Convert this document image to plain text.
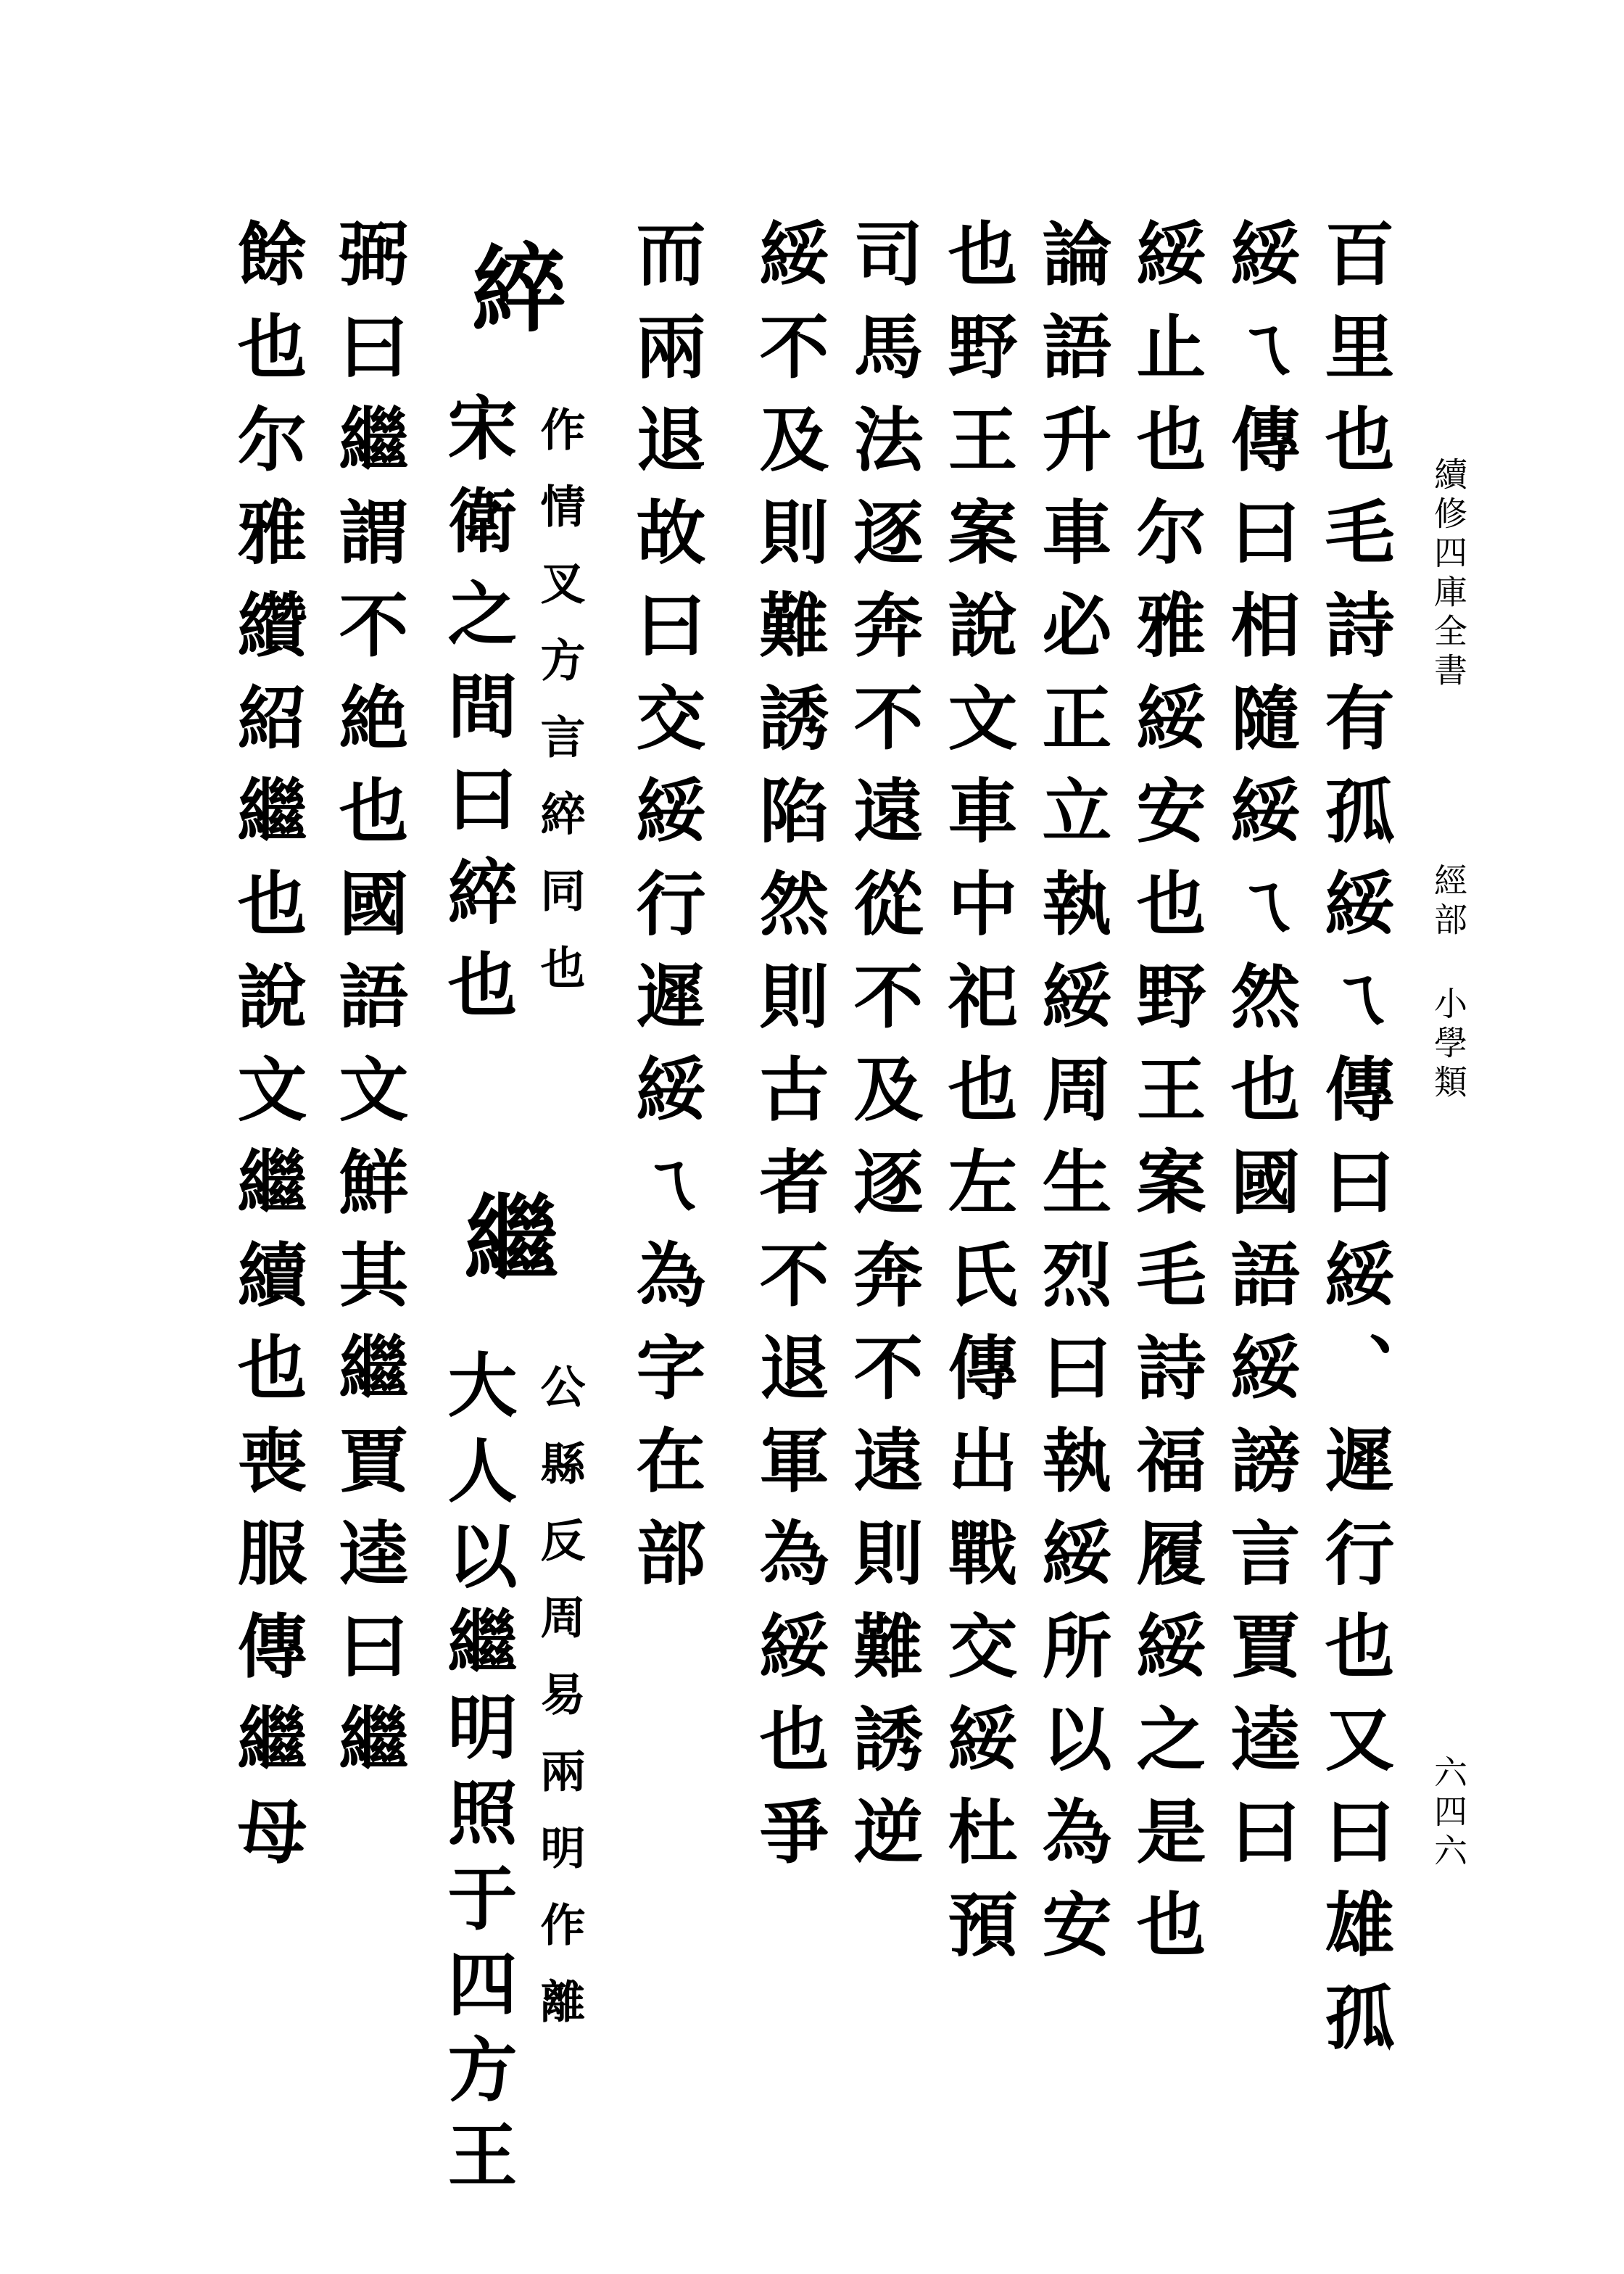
百里也毛詩有孤綏ㄟ傳曰綏、遲行也又曰雄孤
綏ㄟ傳曰相隨綏ㄟ然也國語綏謗言賈逵曰
綏止也尔雅綏安也野王案毛詩福履綏之是也
論語升車必正立執綏周生烈曰執綏所以為安
也野王案說文車中祀也左氏傳出戰交綏杜預
司馬法逐奔不遠從不及逐奔不遠則難誘逆
綏不及則難誘陷然則古者不退軍為綏也爭
而兩退故曰交綏行遲綏ㄟ為字在部
綷
作情叉方言綷同也
宋衛之間曰綷也
繼
公縣反周易兩明作離
大人以繼明照于四方王
弼曰繼謂不絶也國語文鮮其繼賈逵曰繼
餘也尔雅纘紹繼也說文繼續也喪服傳繼母	續修四庫全書
經部
小學類
六四六
